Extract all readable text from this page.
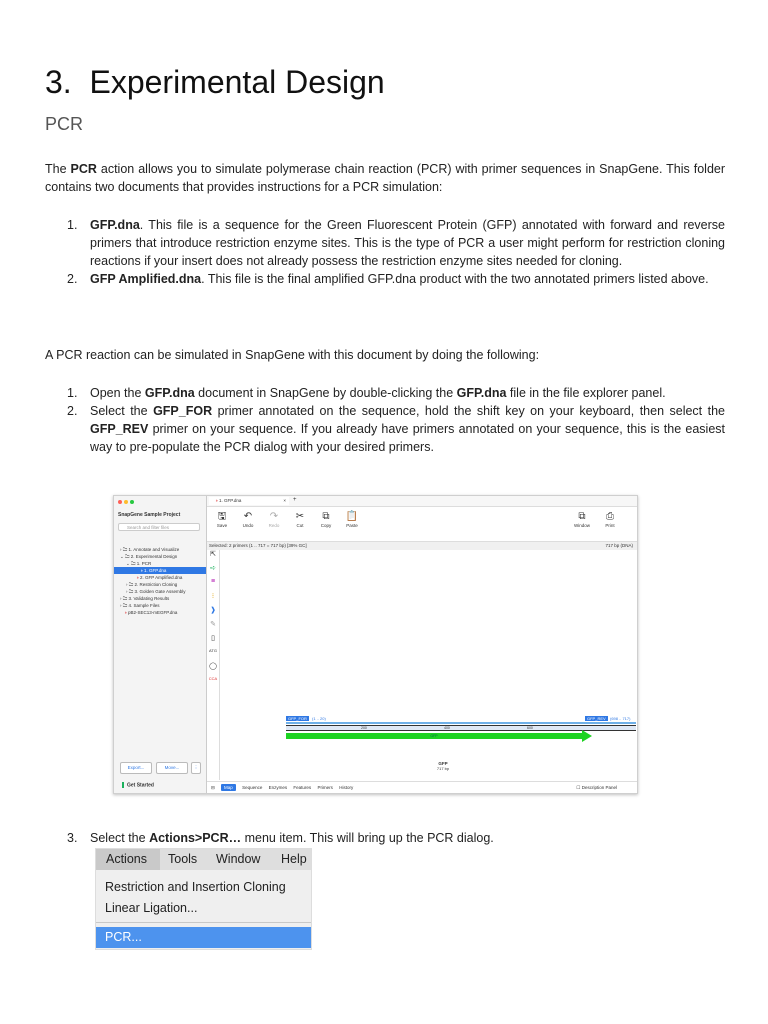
3. Experimental Design
PCR

The PCR action allows you to simulate polymerase chain reaction (PCR) with primer sequences in SnapGene. This folder contains two documents that provides instructions for a PCR simulation:

1. GFP.dna. This file is a sequence for the Green Fluorescent Protein (GFP) annotated with forward and reverse primers that introduce restriction enzyme sites. This is the type of PCR a user might perform for restriction cloning reactions if your insert does not already possess the restriction enzyme sites needed for cloning.
2. GFP Amplified.dna. This file is the final amplified GFP.dna product with the two annotated primers listed above.

A PCR reaction can be simulated in SnapGene with this document by doing the following:

1. Open the GFP.dna document in SnapGene by double-clicking the GFP.dna file in the file explorer panel.
2. Select the GFP_FOR primer annotated on the sequence, hold the shift key on your keyboard, then select the GFP_REV primer on your sequence. If you already have primers annotated on your sequence, this is the easiest way to pre-populate the PCR dialog with your desired primers.
3. Select the Actions>PCR… menu item. This will bring up the PCR dialog.
SnapGene Sample Project
Search and filter files
› 🗀 1. Annotate and Visualize
⌄ 🗀 2. Experimental Design
⌄ 🗀 1. PCR
◑ 1. GFP.dna
◑ 2. GFP Amplified.dna
› 🗀 2. Restriction Cloning
› 🗀 3. Golden Gate Assembly
› 🗀 3. Validating Results
› 🗀 4. Sample Files
◑ pB2-SEC13-mEGFP.dna
Export...	Move...	⋮
Get Started
◑ 1. GFP.dna	× +
🖫
Save
↶
Undo
↷
Redo
✂
Cut
⧉
Copy
📋
Paste
⧉
Window
⎙
Print
Selected: 2 primers (1 .. 717 = 717 bp) [39% GC]	717 bp (DNA)
⇱
➪
≡
⁝
❱
✎
▯
ATG
◯
CCA
GFP_FOR	(1 .. 20)	(698 .. 717)
GFP_REV
200	400	600
GFP
GFP
717 bp
⊟ Map Sequence Enzymes Features Primers History	☐ Description Panel
Actions Tools Window Help
Restriction and Insertion Cloning
Linear Ligation...
PCR...
